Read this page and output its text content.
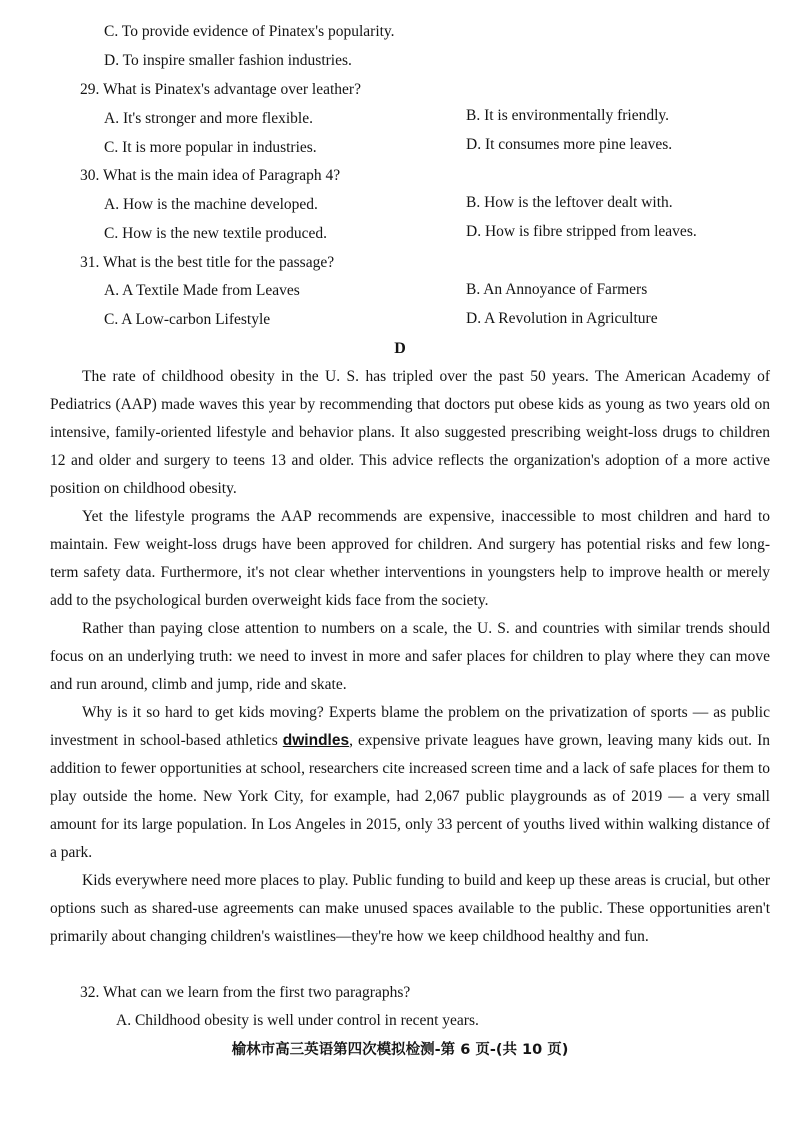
C. To provide evidence of Pinatex's popularity.
D. To inspire smaller fashion industries.
29. What is Pinatex's advantage over leather?
A. It's stronger and more flexible.	B. It is environmentally friendly.
C. It is more popular in industries.	D. It consumes more pine leaves.
30. What is the main idea of Paragraph 4?
A. How is the machine developed.	B. How is the leftover dealt with.
C. How is the new textile produced.	D. How is fibre stripped from leaves.
31. What is the best title for the passage?
A. A Textile Made from Leaves	B. An Annoyance of Farmers
C. A Low-carbon Lifestyle	D. A Revolution in Agriculture
D
The rate of childhood obesity in the U. S. has tripled over the past 50 years. The American Academy of Pediatrics (AAP) made waves this year by recommending that doctors put obese kids as young as two years old on intensive, family-oriented lifestyle and behavior plans. It also suggested prescribing weight-loss drugs to children 12 and older and surgery to teens 13 and older. This advice reflects the organization's adoption of a more active position on childhood obesity.
Yet the lifestyle programs the AAP recommends are expensive, inaccessible to most children and hard to maintain. Few weight-loss drugs have been approved for children. And surgery has potential risks and few long-term safety data. Furthermore, it's not clear whether interventions in youngsters help to improve health or merely add to the psychological burden overweight kids face from the society.
Rather than paying close attention to numbers on a scale, the U. S. and countries with similar trends should focus on an underlying truth: we need to invest in more and safer places for children to play where they can move and run around, climb and jump, ride and skate.
Why is it so hard to get kids moving? Experts blame the problem on the privatization of sports — as public investment in school-based athletics dwindles, expensive private leagues have grown, leaving many kids out. In addition to fewer opportunities at school, researchers cite increased screen time and a lack of safe places for them to play outside the home. New York City, for example, had 2,067 public playgrounds as of 2019 — a very small amount for its large population. In Los Angeles in 2015, only 33 percent of youths lived within walking distance of a park.
Kids everywhere need more places to play. Public funding to build and keep up these areas is crucial, but other options such as shared-use agreements can make unused spaces available to the public. These opportunities aren't primarily about changing children's waistlines—they're how we keep childhood healthy and fun.
32. What can we learn from the first two paragraphs?
A. Childhood obesity is well under control in recent years.
榆林市高三英语第四次模拟检测-第 6 页-(共 10 页)
